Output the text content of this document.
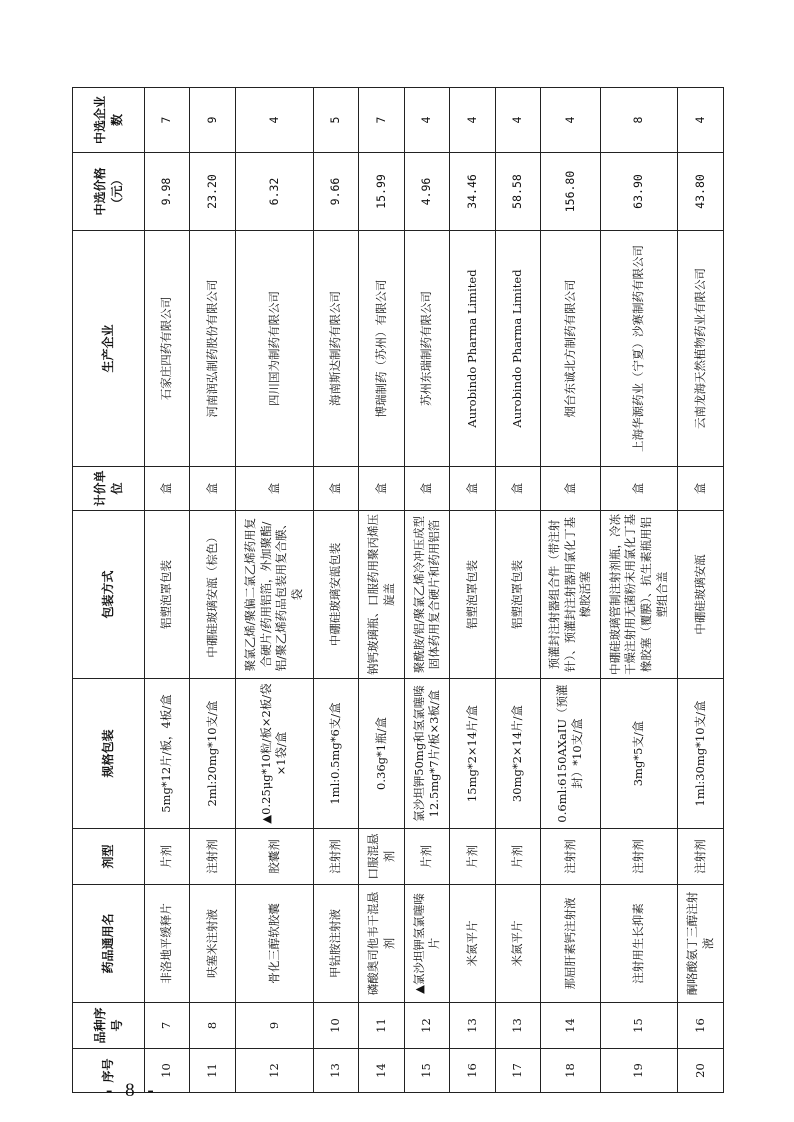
序号	品种序号	药品通用名	剂型	规格包装	包装方式	计价单位	生产企业	中选价格（元）	中选企业数
10	7	非洛地平缓释片	片剂	5mg*12片/板，4板/盒	铝塑泡罩包装	盒	石家庄四药有限公司	9.98	7
11	8	呋塞米注射液	注射剂	2ml:20mg*10支/盒	中硼硅玻璃安瓿（棕色）	盒	河南润弘制药股份有限公司	23.20	9
12	9	骨化三醇软胶囊	胶囊剂	▲0.25μg*10粒/板×2板/袋×1袋/盒	聚氯乙烯/聚偏二氯乙烯药用复合硬片/药用铝箔，外加聚酯/铝/聚乙烯药品包装用复合膜、袋	盒	四川国为制药有限公司	6.32	4
13	10	甲钴胺注射液	注射剂	1ml:0.5mg*6支/盒	中硼硅玻璃安瓿包装	盒	海南斯达制药有限公司	9.66	5
14	11	磷酸奥司他韦干混悬剂	口服混悬剂	0.36g*1瓶/盒	钠钙玻璃瓶、口服药用聚丙烯压旋盖	盒	博瑞制药（苏州）有限公司	15.99	7
15	12	▲氯沙坦钾氢氯噻嗪片	片剂	氯沙坦钾50mg和氢氯噻嗪12.5mg*7片/板×3板/盒	聚酰胺/铝/聚氯乙烯冷冲压成型固体药用复合硬片和药用铝箔	盒	苏州东瑞制药有限公司	4.96	4
16	13	米氮平片	片剂	15mg*2×14片/盒	铝塑泡罩包装	盒	Aurobindo Pharma Limited	34.46	4
17	13	米氮平片	片剂	30mg*2×14片/盒	铝塑泡罩包装	盒	Aurobindo Pharma Limited	58.58	4
18	14	那屈肝素钙注射液	注射剂	0.6ml:6150AXaIU（预灌封）*10支/盒	预灌封注射器组合件（带注射针）、预灌封注射器用氯化丁基橡胶活塞	盒	烟台东诚北方制药有限公司	156.80	4
19	15	注射用生长抑素	注射剂	3mg*5支/盒	中硼硅玻璃管制注射剂瓶，冷冻干燥注射用无菌粉末用氯化丁基橡胶塞（覆膜）、抗生素瓶用铝塑组合盖	盒	上海华源药业（宁夏）沙赛制药有限公司	63.90	8
20	16	酮咯酸氨丁三醇注射液	注射剂	1ml:30mg*10支/盒	中硼硅玻璃安瓿	盒	云南龙海天然植物药业有限公司	43.80	4
- 8 -
